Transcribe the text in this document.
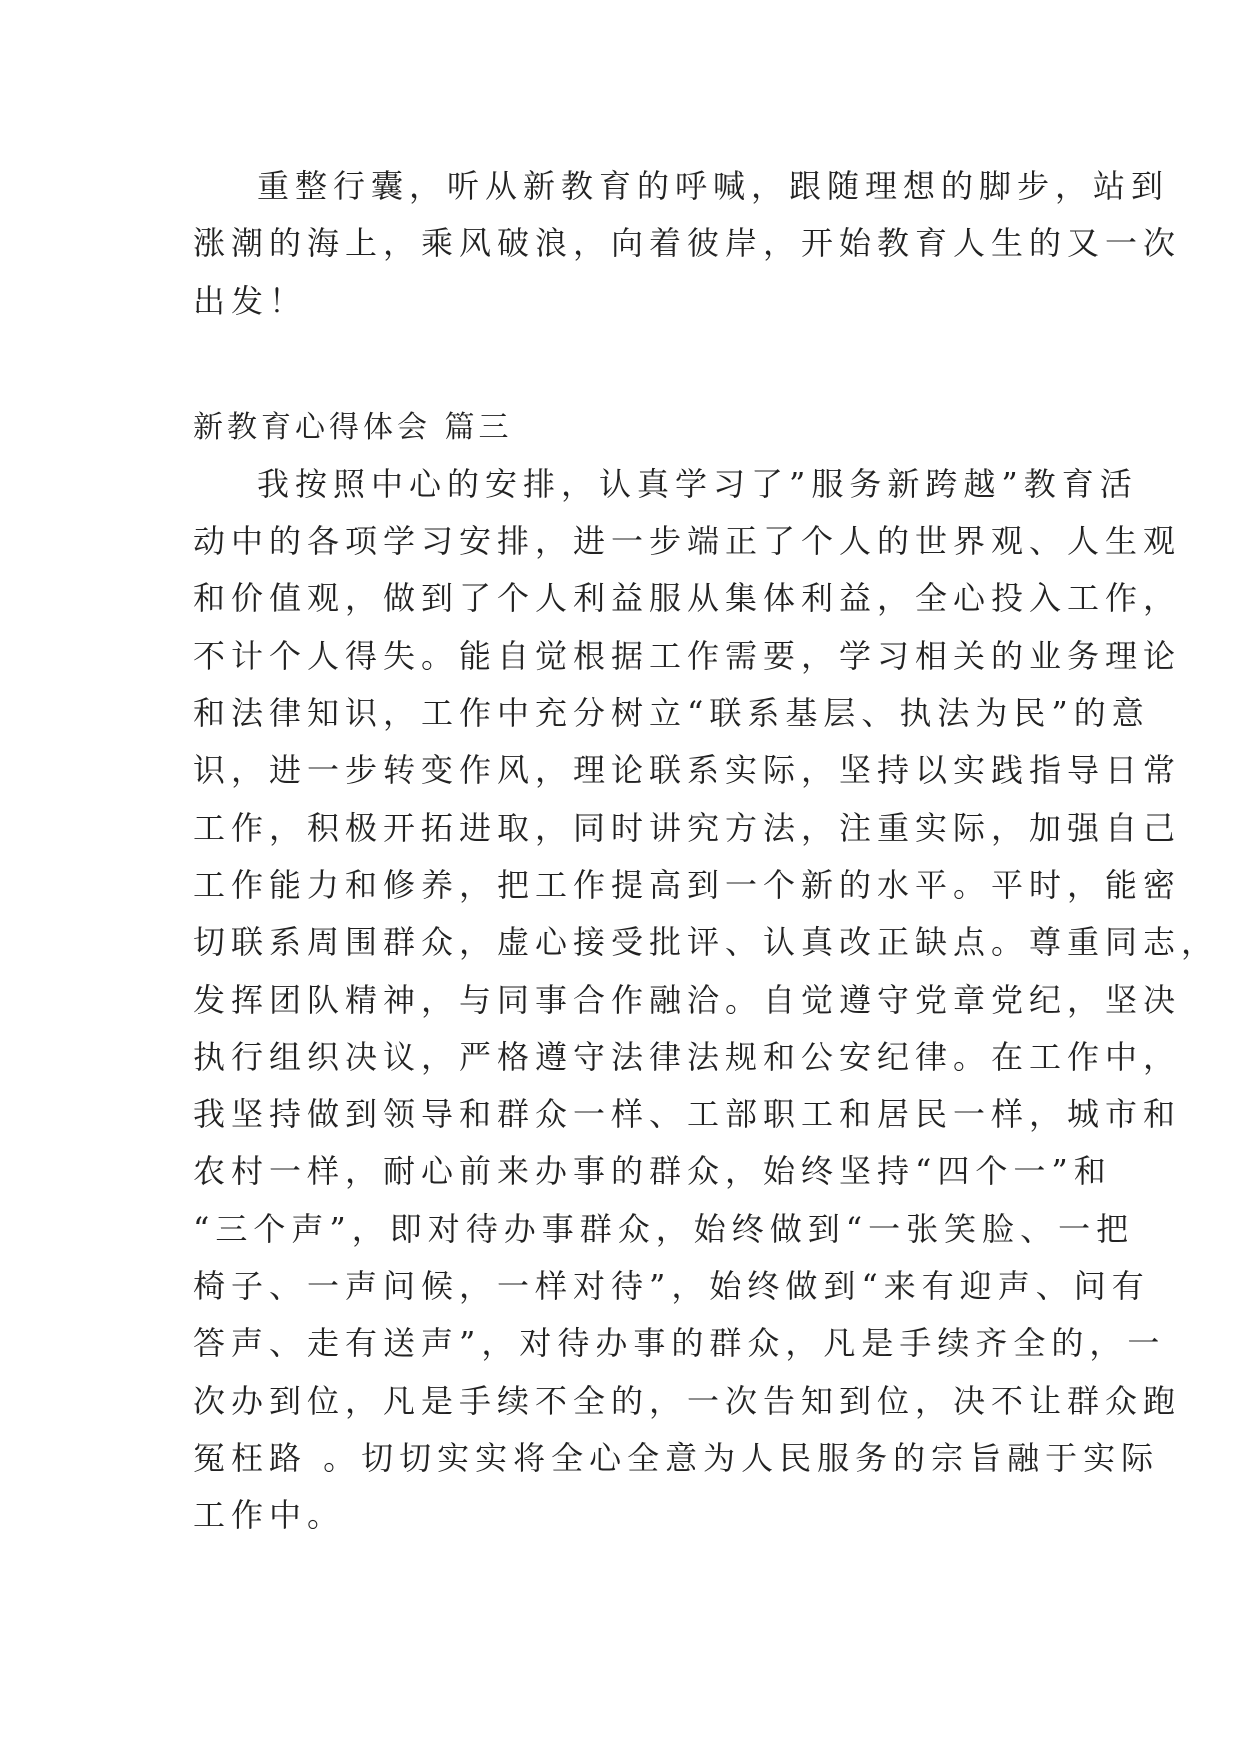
重整行囊，听从新教育的呼喊，跟随理想的脚步，站到
涨潮的海上，乘风破浪，向着彼岸，开始教育人生的又一次
出发！
新教育心得体会 篇三
我按照中心的安排，认真学习了”服务新跨越”教育活
动中的各项学习安排，进一步端正了个人的世界观、人生观
和价值观，做到了个人利益服从集体利益，全心投入工作，
不计个人得失。能自觉根据工作需要，学习相关的业务理论
和法律知识，工作中充分树立“联系基层、执法为民”的意
识，进一步转变作风，理论联系实际，坚持以实践指导日常
工作，积极开拓进取，同时讲究方法，注重实际，加强自己
工作能力和修养，把工作提高到一个新的水平。平时，能密
切联系周围群众，虚心接受批评、认真改正缺点。尊重同志，
发挥团队精神，与同事合作融洽。自觉遵守党章党纪，坚决
执行组织决议，严格遵守法律法规和公安纪律。在工作中，
我坚持做到领导和群众一样、工部职工和居民一样，城市和
农村一样，耐心前来办事的群众，始终坚持“四个一”和
“三个声”，即对待办事群众，始终做到“一张笑脸、一把
椅子、一声问候，一样对待”，始终做到“来有迎声、问有
答声、走有送声”，对待办事的群众，凡是手续齐全的，一
次办到位，凡是手续不全的，一次告知到位，决不让群众跑
冤枉路 。切切实实将全心全意为人民服务的宗旨融于实际
工作中。
